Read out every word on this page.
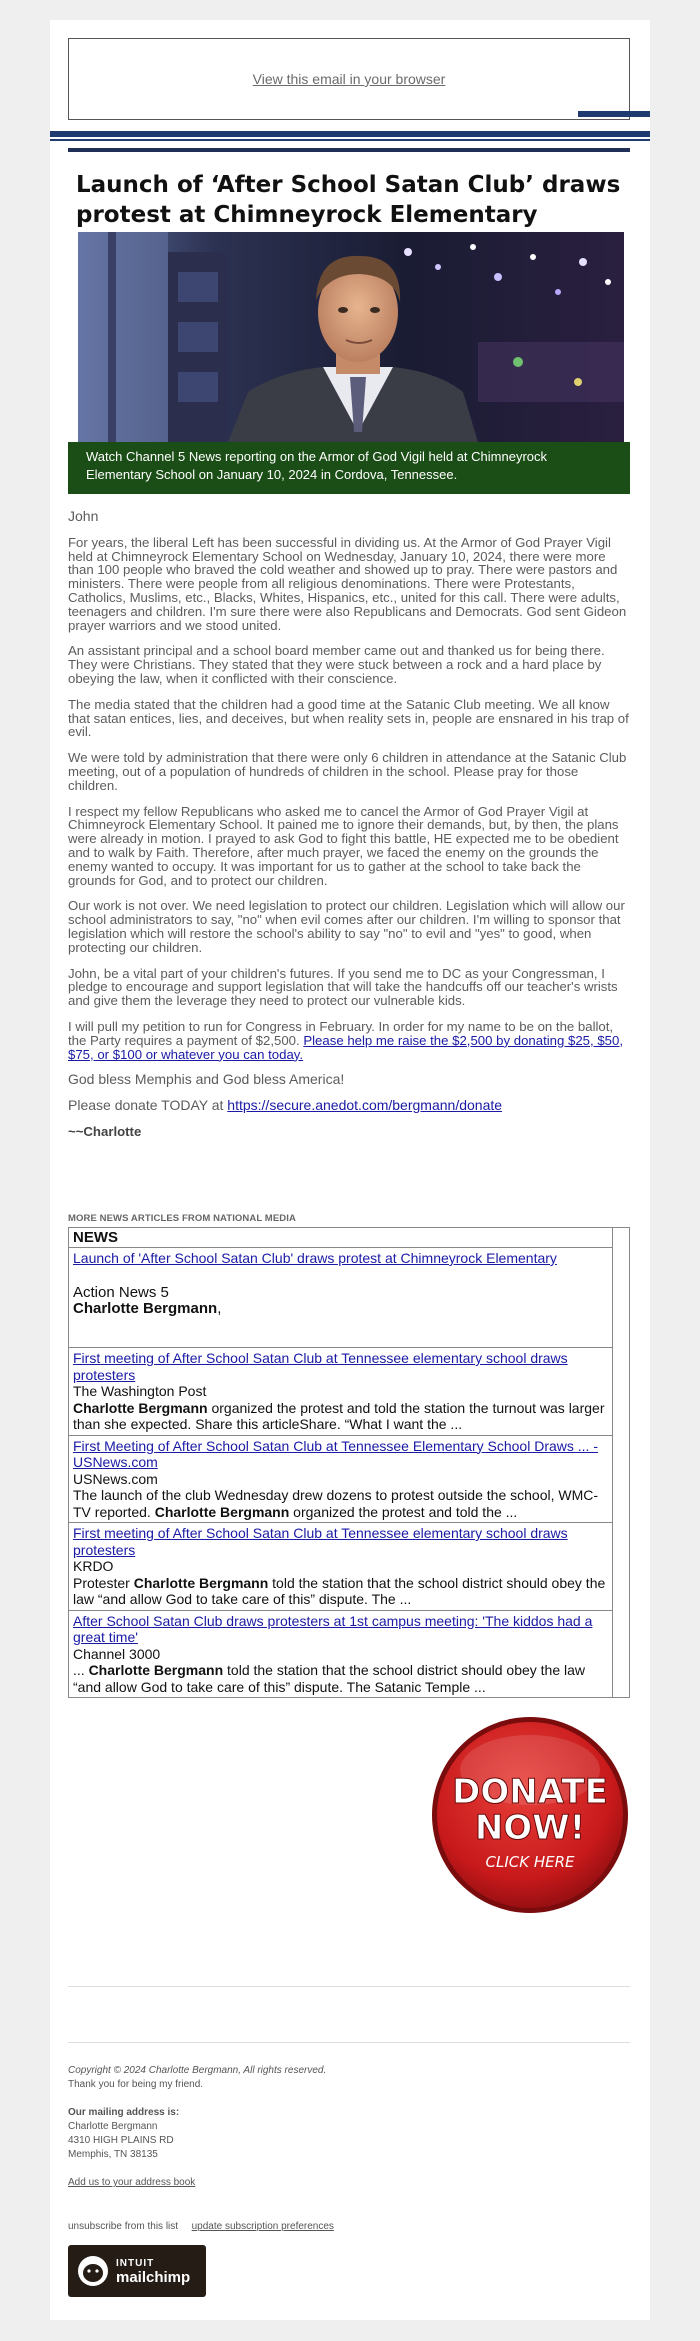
View this email in your browser
Launch of ‘After School Satan Club’ draws protest at Chimneyrock Elementary
Watch Channel 5 News reporting on the Armor of God Vigil held at Chimneyrock Elementary School on January 10, 2024 in Cordova, Tennessee.

John

For years, the liberal Left has been successful in dividing us. At the Armor of God Prayer Vigil held at Chimneyrock Elementary School on Wednesday, January 10, 2024, there were more than 100 people who braved the cold weather and showed up to pray. There were pastors and ministers. There were people from all religious denominations. There were Protestants, Catholics, Muslims, etc., Blacks, Whites, Hispanics, etc., united for this call. There were adults, teenagers and children. I'm sure there were also Republicans and Democrats. God sent Gideon prayer warriors and we stood united.

An assistant principal and a school board member came out and thanked us for being there. They were Christians. They stated that they were stuck between a rock and a hard place by obeying the law, when it conflicted with their conscience.

The media stated that the children had a good time at the Satanic Club meeting. We all know that satan entices, lies, and deceives, but when reality sets in, people are ensnared in his trap of evil.

We were told by administration that there were only 6 children in attendance at the Satanic Club meeting, out of a population of hundreds of children in the school. Please pray for those children.

I respect my fellow Republicans who asked me to cancel the Armor of God Prayer Vigil at Chimneyrock Elementary School. It pained me to ignore their demands, but, by then, the plans were already in motion. I prayed to ask God to fight this battle, HE expected me to be obedient and to walk by Faith. Therefore, after much prayer, we faced the enemy on the grounds the enemy wanted to occupy. It was important for us to gather at the school to take back the grounds for God, and to protect our children.

Our work is not over. We need legislation to protect our children. Legislation which will allow our school administrators to say, "no" when evil comes after our children. I'm willing to sponsor that legislation which will restore the school's ability to say "no" to evil and "yes" to good, when protecting our children.

John, be a vital part of your children's futures. If you send me to DC as your Congressman, I pledge to encourage and support legislation that will take the handcuffs off our teacher's wrists and give them the leverage they need to protect our vulnerable kids.

I will pull my petition to run for Congress in February. In order for my name to be on the ballot, the Party requires a payment of $2,500. Please help me raise the $2,500 by donating $25, $50, $75, or $100 or whatever you can today.

God bless Memphis and God bless America!

Please donate TODAY at https://secure.anedot.com/bergmann/donate

~~Charlotte

MORE NEWS ARTICLES FROM NATIONAL MEDIA
NEWS
Launch of 'After School Satan Club' draws protest at Chimneyrock Elementary
Action News 5
Charlotte Bergmann,
First meeting of After School Satan Club at Tennessee elementary school draws protesters
The Washington Post
Charlotte Bergmann organized the protest and told the station the turnout was larger than she expected. Share this articleShare. “What I want the ...
First Meeting of After School Satan Club at Tennessee Elementary School Draws ... - USNews.com
USNews.com
The launch of the club Wednesday drew dozens to protest outside the school, WMC-TV reported. Charlotte Bergmann organized the protest and told the ...
First meeting of After School Satan Club at Tennessee elementary school draws protesters
KRDO
Protester Charlotte Bergmann told the station that the school district should obey the law “and allow God to take care of this” dispute. The ...
After School Satan Club draws protesters at 1st campus meeting: 'The kiddos had a great time'
Channel 3000
... Charlotte Bergmann told the station that the school district should obey the law “and allow God to take care of this” dispute. The Satanic Temple ...
DONATE
NOW!
CLICK HERE
Copyright © 2024 Charlotte Bergmann, All rights reserved.
Thank you for being my friend.
Our mailing address is:
Charlotte Bergmann
4310 HIGH PLAINS RD
Memphis, TN 38135
Add us to your address book
unsubscribe from this list update subscription preferences
INTUIT
mailchimp
